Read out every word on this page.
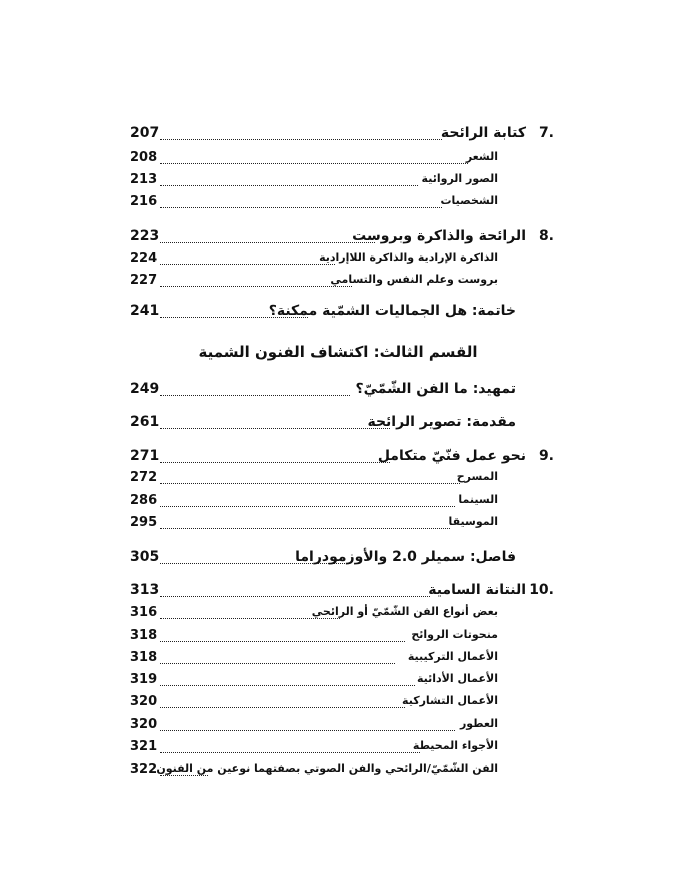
207	كتابة الرائحة 7.
208	الشعر
213	الصور الروائية
216	الشخصيات
223	الرائحة والذاكرة وبروست 8.
224	الذاكرة الإرادية والذاكرة اللاإرادية
227	بروست وعلم النفس والتسامي
241	خاتمة: هل الجماليات الشمّية ممكنة؟
القسم الثالث: اكتشاف الفنون الشمية
249	تمهيد: ما الفن الشّمّيّ؟
261	مقدمة: تصوير الرائحة
271	نحو عمل فنّيّ متكامل 9.
272	المسرح
286	السينما
295	الموسيقا
305	فاصل: سميلر 2.0 والأوزمودراما
313	النتانة السامية 10.
316	بعض أنواع الفن الشّمّيّ أو الرائحي
318	منحوتات الروائح
318	الأعمال التركيبية
319	الأعمال الأدائية
320	الأعمال التشاركية
320	العطور
321	الأجواء المحيطة
322 الفن الشّمّيّ/الرائحي والفن الصوتي بصفتهما نوعين من الفنون
